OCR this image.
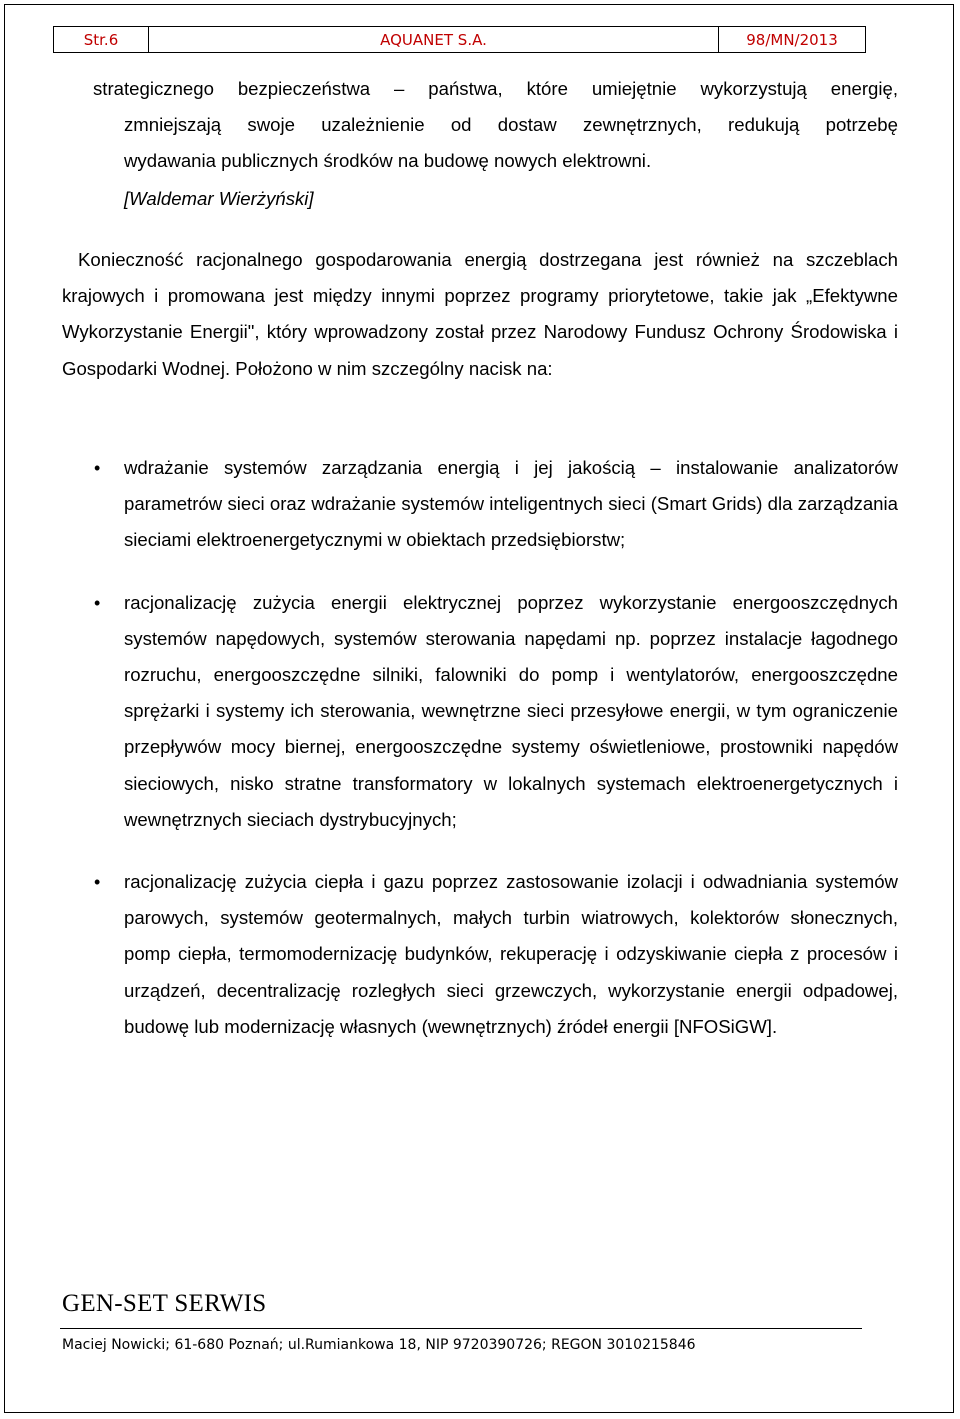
Str.6	AQUANET S.A.	98/MN/2013

strategicznego bezpieczeństwa – państwa, które umiejętnie wykorzystują energię,
zmniejszają swoje uzależnienie od dostaw zewnętrznych, redukują potrzebę
wydawania publicznych środków na budowę nowych elektrowni.

[Waldemar Wierżyński]

Konieczność racjonalnego gospodarowania energią dostrzegana jest również na szczeblach krajowych i promowana jest między innymi poprzez programy priorytetowe, takie jak „Efektywne Wykorzystanie Energii", który wprowadzony został przez Narodowy Fundusz Ochrony Środowiska i Gospodarki Wodnej. Położono w nim szczególny nacisk na:

• wdrażanie systemów zarządzania energią i jej jakością – instalowanie analizatorów parametrów sieci oraz wdrażanie systemów inteligentnych sieci (Smart Grids) dla zarządzania sieciami elektroenergetycznymi w obiektach przedsiębiorstw;
• racjonalizację zużycia energii elektrycznej poprzez wykorzystanie energooszczędnych systemów napędowych, systemów sterowania napędami np. poprzez instalacje łagodnego rozruchu, energooszczędne silniki, falowniki do pomp i wentylatorów, energooszczędne sprężarki i systemy ich sterowania, wewnętrzne sieci przesyłowe energii, w tym ograniczenie przepływów mocy biernej, energooszczędne systemy oświetleniowe, prostowniki napędów sieciowych, nisko stratne transformatory w lokalnych systemach elektroenergetycznych i wewnętrznych sieciach dystrybucyjnych;
• racjonalizację zużycia ciepła i gazu poprzez zastosowanie izolacji i odwadniania systemów parowych, systemów geotermalnych, małych turbin wiatrowych, kolektorów słonecznych, pomp ciepła, termomodernizację budynków, rekuperację i odzyskiwanie ciepła z procesów i urządzeń, decentralizację rozległych sieci grzewczych, wykorzystanie energii odpadowej, budowę lub modernizację własnych (wewnętrznych) źródeł energii [NFOSiGW].
GEN-SET SERWIS
Maciej Nowicki; 61-680 Poznań; ul.Rumiankowa 18, NIP 9720390726; REGON 3010215846
